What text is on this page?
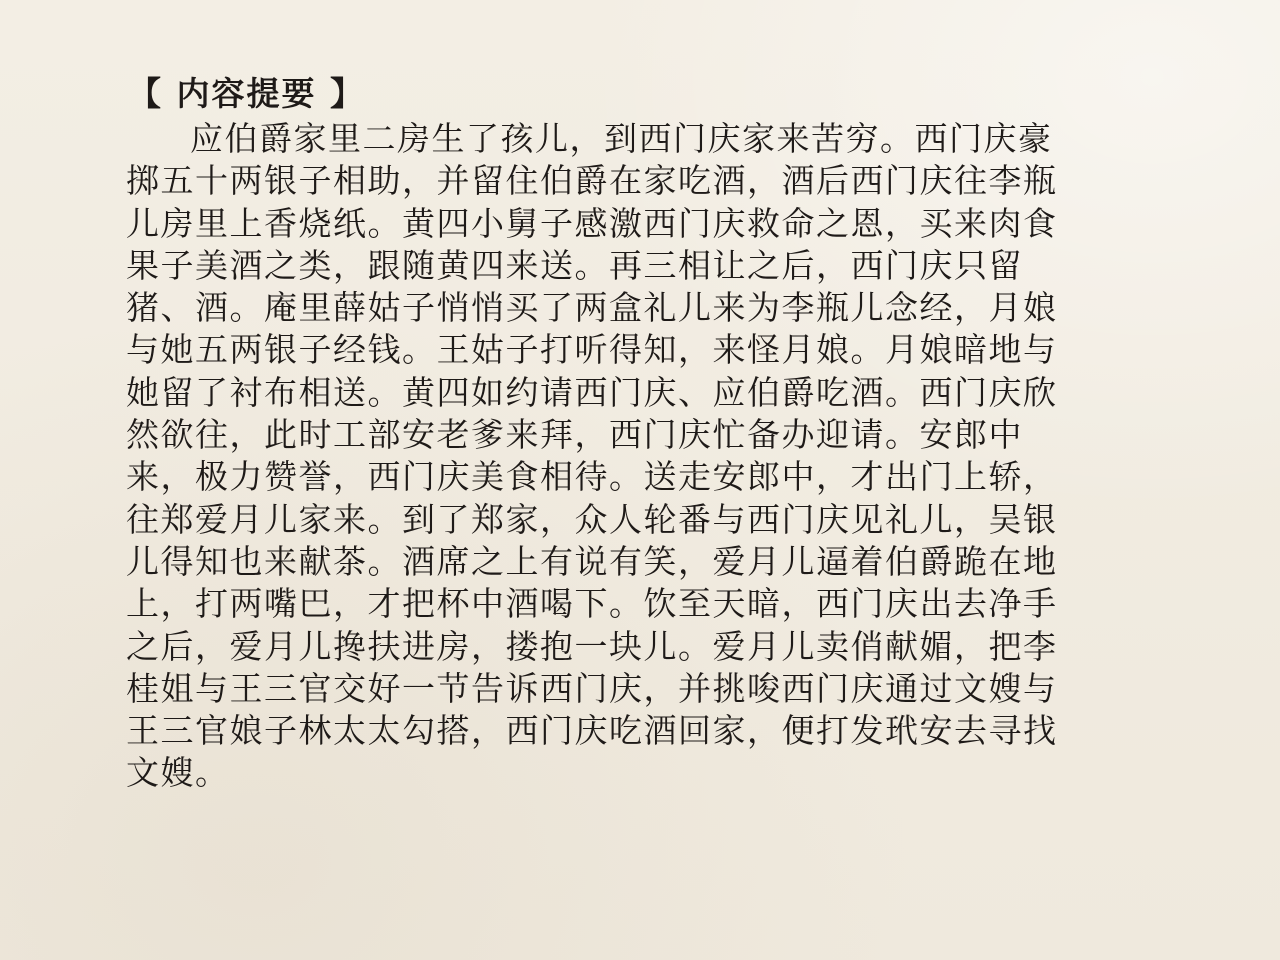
【 内容提要 】
应伯爵家里二房生了孩儿，到西门庆家来苦穷。西门庆豪
掷五十两银子相助，并留住伯爵在家吃酒，酒后西门庆往李瓶
儿房里上香烧纸。黄四小舅子感激西门庆救命之恩，买来肉食
果子美酒之类，跟随黄四来送。再三相让之后，西门庆只留
猪、酒。庵里薛姑子悄悄买了两盒礼儿来为李瓶儿念经，月娘
与她五两银子经钱。王姑子打听得知，来怪月娘。月娘暗地与
她留了衬布相送。黄四如约请西门庆、应伯爵吃酒。西门庆欣
然欲往，此时工部安老爹来拜，西门庆忙备办迎请。安郎中
来，极力赞誉，西门庆美食相待。送走安郎中，才出门上轿，
往郑爱月儿家来。到了郑家，众人轮番与西门庆见礼儿，吴银
儿得知也来献茶。酒席之上有说有笑，爱月儿逼着伯爵跪在地
上，打两嘴巴，才把杯中酒喝下。饮至天暗，西门庆出去净手
之后，爱月儿搀扶进房，搂抱一块儿。爱月儿卖俏献媚，把李
桂姐与王三官交好一节告诉西门庆，并挑唆西门庆通过文嫂与
王三官娘子林太太勾搭，西门庆吃酒回家，便打发玳安去寻找
文嫂。
